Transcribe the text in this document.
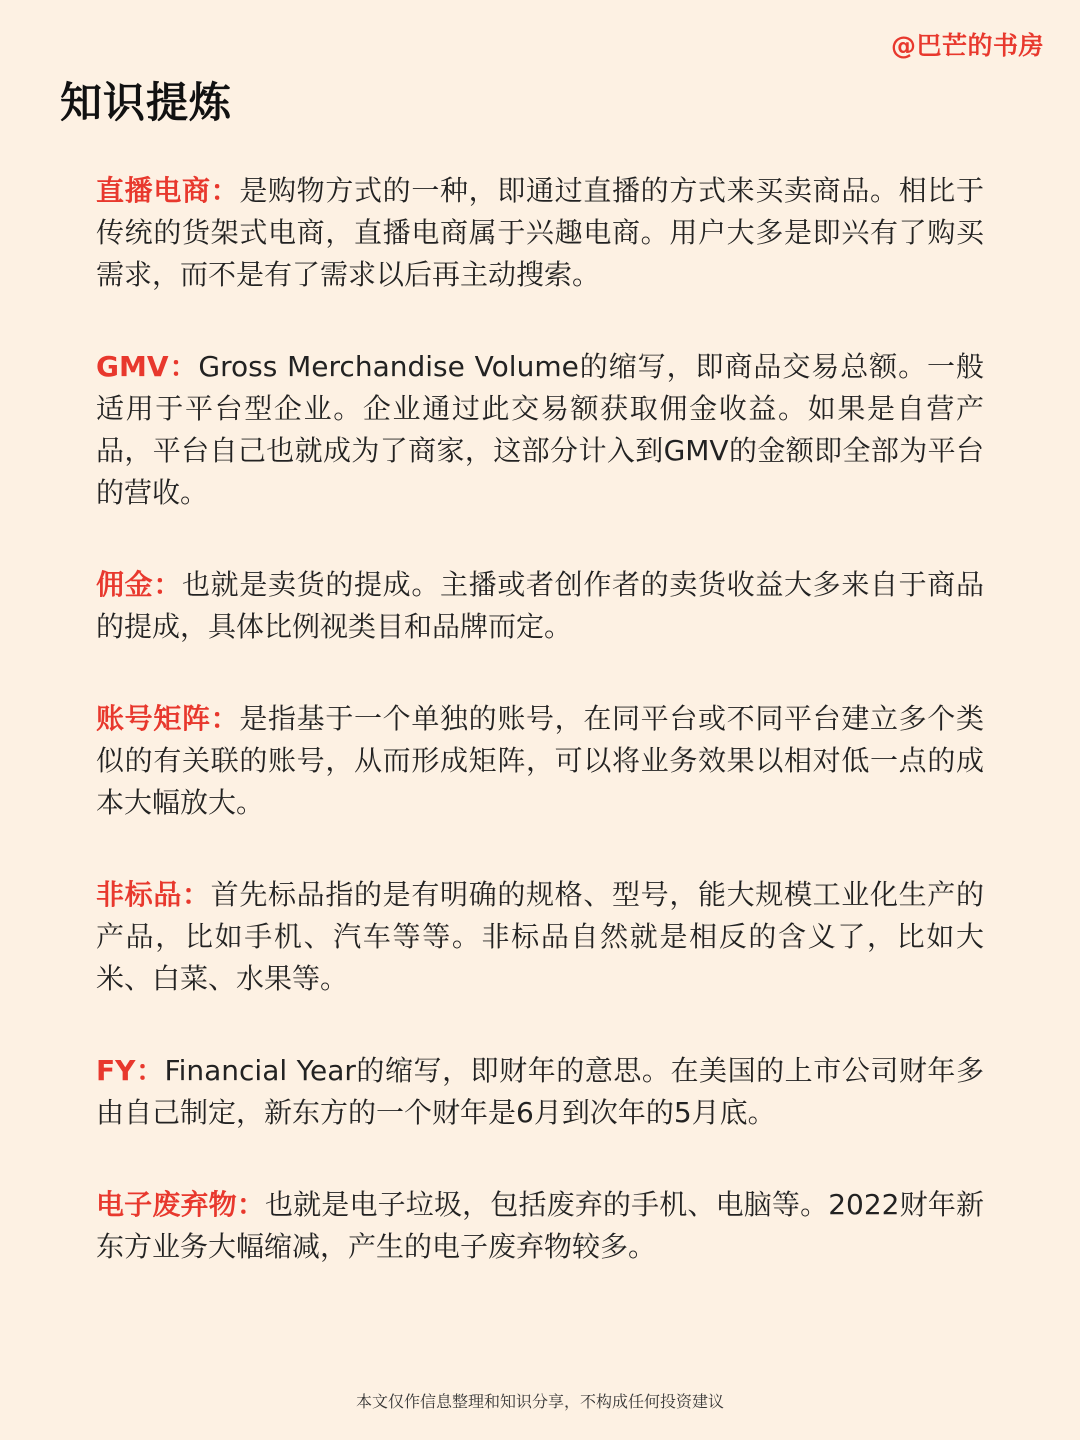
@巴芒的书房
知识提炼

直播电商：是购物方式的一种，即通过直播的方式来买卖商品。相比于传统的货架式电商，直播电商属于兴趣电商。用户大多是即兴有了购买需求，而不是有了需求以后再主动搜索。

GMV：Gross Merchandise Volume的缩写，即商品交易总额。一般适用于平台型企业。企业通过此交易额获取佣金收益。如果是自营产品，平台自己也就成为了商家，这部分计入到GMV的金额即全部为平台的营收。

佣金：也就是卖货的提成。主播或者创作者的卖货收益大多来自于商品的提成，具体比例视类目和品牌而定。

账号矩阵：是指基于一个单独的账号，在同平台或不同平台建立多个类似的有关联的账号，从而形成矩阵，可以将业务效果以相对低一点的成本大幅放大。

非标品：首先标品指的是有明确的规格、型号，能大规模工业化生产的产品，比如手机、汽车等等。非标品自然就是相反的含义了，比如大米、白菜、水果等。

FY：Financial Year的缩写，即财年的意思。在美国的上市公司财年多由自己制定，新东方的一个财年是6月到次年的5月底。

电子废弃物：也就是电子垃圾，包括废弃的手机、电脑等。2022财年新东方业务大幅缩减，产生的电子废弃物较多。

本文仅作信息整理和知识分享，不构成任何投资建议
